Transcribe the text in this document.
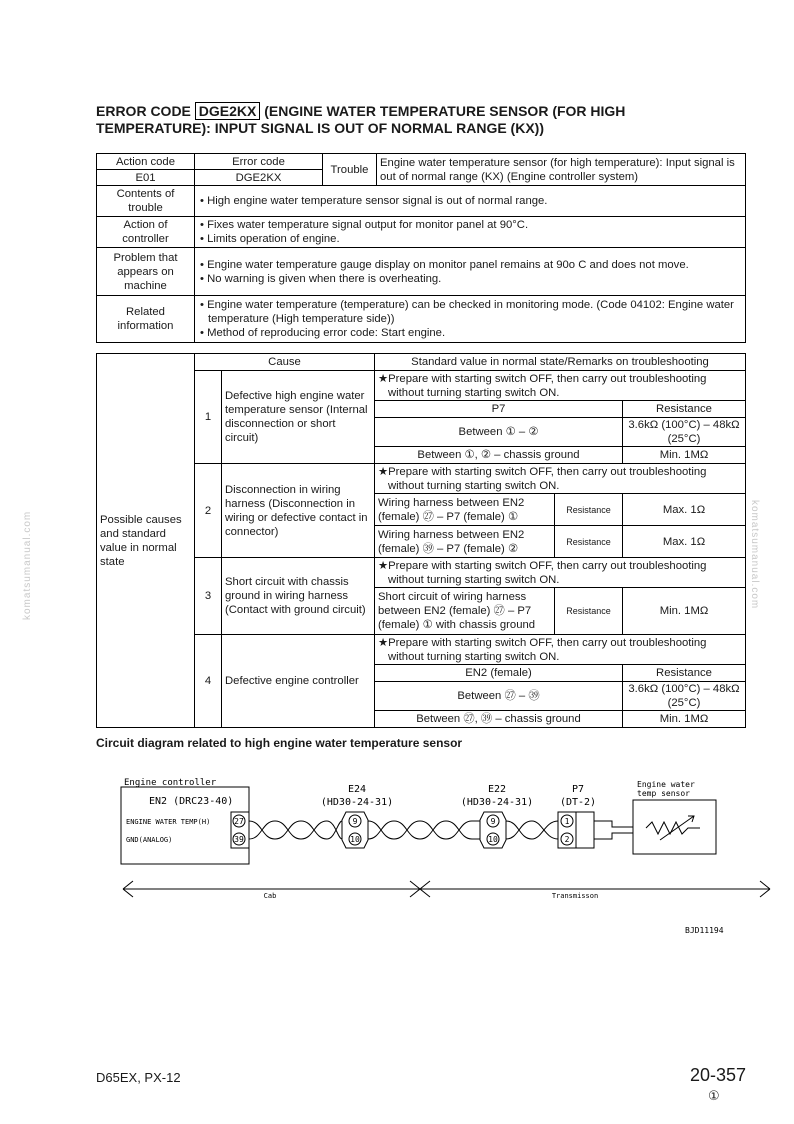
ERROR CODE DGE2KX (ENGINE WATER TEMPERATURE SENSOR (FOR HIGH
TEMPERATURE): INPUT SIGNAL IS OUT OF NORMAL RANGE (KX))
Action code	Error code	Trouble	Engine water temperature sensor (for high temperature): Input signal is out of normal range (KX) (Engine controller system)
E01	DGE2KX		
Contents of trouble	• High engine water temperature sensor signal is out of normal range.		

Action of controller	• Fixes water temperature signal output for monitor panel at 90°C.
• Limits operation of engine.		

Problem that appears on machine	• Engine water temperature gauge display on monitor panel remains at 90o C and does not move.
• No warning is given when there is overheating.		

Related information	• Engine water temperature (temperature) can be checked in monitoring mode. (Code 04102: Engine water temperature (High temperature side))
• Method of reproducing error code: Start engine.		
Possible causes and standard value in normal state	Cause		Standard value in normal state/Remarks on troubleshooting		
	1	Defective high engine water temperature sensor (Internal disconnection or short circuit)	★Prepare with starting switch OFF, then carry out troubleshooting without turning starting switch ON.		

			P7		Resistance
			Between ① – ②		3.6kΩ (100°C) – 48kΩ (25°C)
			Between ①, ② – chassis ground		Min. 1MΩ
	2	Disconnection in wiring harness (Disconnection in wiring or defective contact in connector)	★Prepare with starting switch OFF, then carry out troubleshooting without turning starting switch ON.		

			Wiring harness between EN2 (female) ㉗ – P7 (female) ①	Resistance	Max. 1Ω
			Wiring harness between EN2 (female) ㊴ – P7 (female) ②	Resistance	Max. 1Ω
	3	Short circuit with chassis ground in wiring harness (Contact with ground circuit)	★Prepare with starting switch OFF, then carry out troubleshooting without turning starting switch ON.		

			Short circuit of wiring harness between EN2 (female) ㉗ – P7 (female) ① with chassis ground	Resistance	Min. 1MΩ
	4	Defective engine controller	★Prepare with starting switch OFF, then carry out troubleshooting without turning starting switch ON.		

			EN2 (female)		Resistance
			Between ㉗ – ㊴		3.6kΩ (100°C) – 48kΩ (25°C)
			Between ㉗, ㊴ – chassis ground		Min. 1MΩ
Circuit diagram related to high engine water temperature sensor
Engine controller
EN2 (DRC23-40)
ENGINE WATER TEMP(H)
GND(ANALOG)
27
39
E24
(HD30-24-31)
9
10
E22
(HD30-24-31)
9
10
P7
(DT-2)
1
2
Engine water
temp sensor
Cab	Transmisson
BJD11194
komatsumanual.com	komatsumanual.com
D65EX, PX-12	20-357
①
